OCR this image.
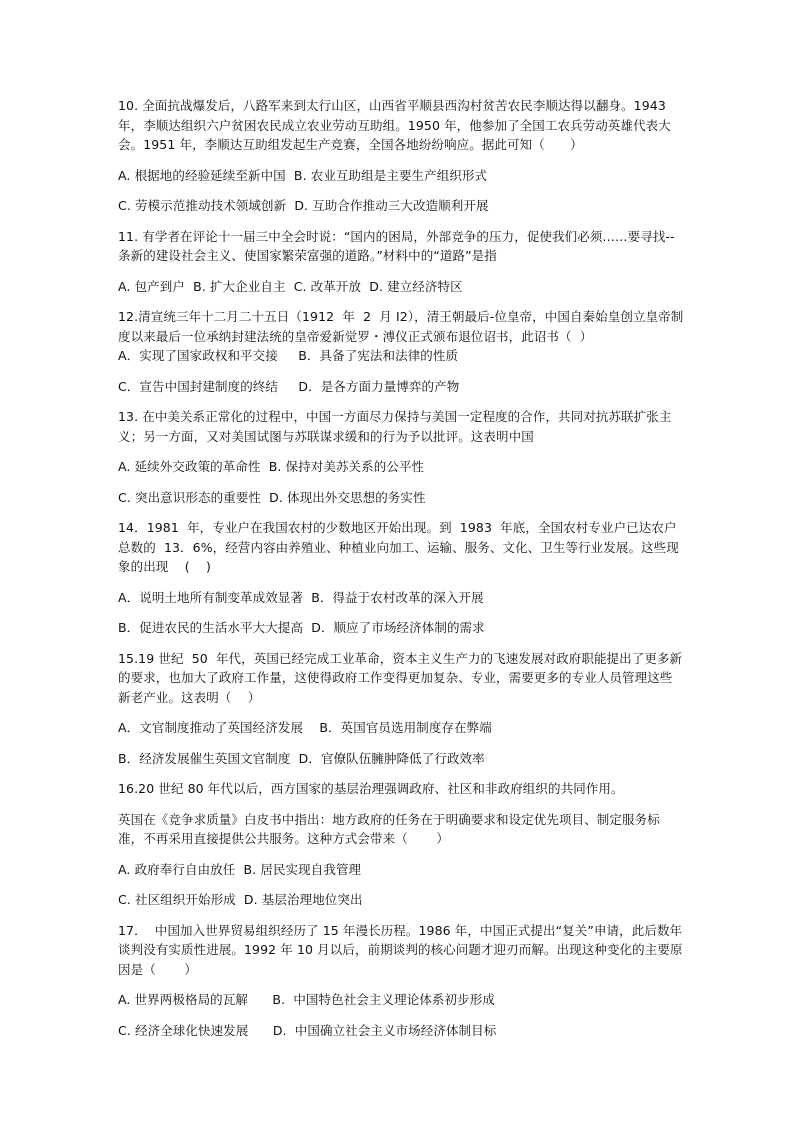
10. 全面抗战爆发后，八路军来到太行山区，山西省平顺县西沟村贫苦农民李顺达得以翻身。1943 年，李顺达组织六户贫困农民成立农业劳动互助组。1950 年，他参加了全国工农兵劳动英雄代表大会。1951 年，李顺达互助组发起生产竞赛，全国各地纷纷响应。据此可知（　　）

A. 根据地的经验延续至新中国  B. 农业互助组是主要生产组织形式

C. 劳模示范推动技术领域创新  D. 互助合作推动三大改造顺利开展

11. 有学者在评论十一届三中全会时说：“国内的困局，外部竞争的压力，促使我们必须……要寻找--条新的建设社会主义、使国家繁荣富强的道路。”材料中的“道路”是指

A. 包产到户  B. 扩大企业自主  C. 改革开放  D. 建立经济特区

12.清宣统三年十二月二十五日（1912  年  2  月 I2），清王朝最后-位皇帝，中国自秦始皇创立皇帝制度以来最后一位承纳封建法统的皇帝爱新觉罗・溥仪正式颁布退位诏书，此诏书（  ）

A．实现了国家政权和平交接     B．具备了宪法和法律的性质

C．宣告中国封建制度的终结     D．是各方面力量博弈的产物

13. 在中美关系正常化的过程中，中国一方面尽力保持与美国一定程度的合作，共同对抗苏联扩张主义；另一方面，又对美国试图与苏联谋求缓和的行为予以批评。这表明中国

A. 延续外交政策的革命性  B. 保持对美苏关系的公平性

C. 突出意识形态的重要性  D. 体现出外交思想的务实性

14．1981  年，专业户在我国农村的少数地区开始出现。到  1983  年底，全国农村专业户已达农户总数的  13．6%，经营内容由养殖业、种植业向加工、运输、服务、文化、卫生等行业发展。这些现象的出现    (    )

A．说明土地所有制变革成效显著  B．得益于农村改革的深入开展

B．促进农民的生活水平大大提高  D．顺应了市场经济体制的需求

15.19 世纪  50  年代，英国已经完成工业革命，资本主义生产力的飞速发展对政府职能提出了更多新的要求，也加大了政府工作量，这使得政府工作变得更加复杂、专业，需要更多的专业人员管理这些新老产业。这表明（    ）

A．文官制度推动了英国经济发展    B．英国官员选用制度存在弊端

B．经济发展催生英国文官制度  D．官僚队伍臃肿降低了行政效率

16.20 世纪 80 年代以后，西方国家的基层治理强调政府、社区和非政府组织的共同作用。

英国在《竞争求质量》白皮书中指出：地方政府的任务在于明确要求和设定优先项目、制定服务标准，不再采用直接提供公共服务。这种方式会带来（       ）

A. 政府奉行自由放任  B. 居民实现自我管理

C. 社区组织开始形成  D. 基层治理地位突出

17．  中国加入世界贸易组织经历了 15 年漫长历程。1986 年，中国正式提出“复关”申请，此后数年谈判没有实质性进展。1992 年 10 月以后，前期谈判的核心问题才迎刃而解。出现这种变化的主要原因是（       ）

A. 世界两极格局的瓦解      B.  中国特色社会主义理论体系初步形成

C. 经济全球化快速发展      D.  中国确立社会主义市场经济体制目标
